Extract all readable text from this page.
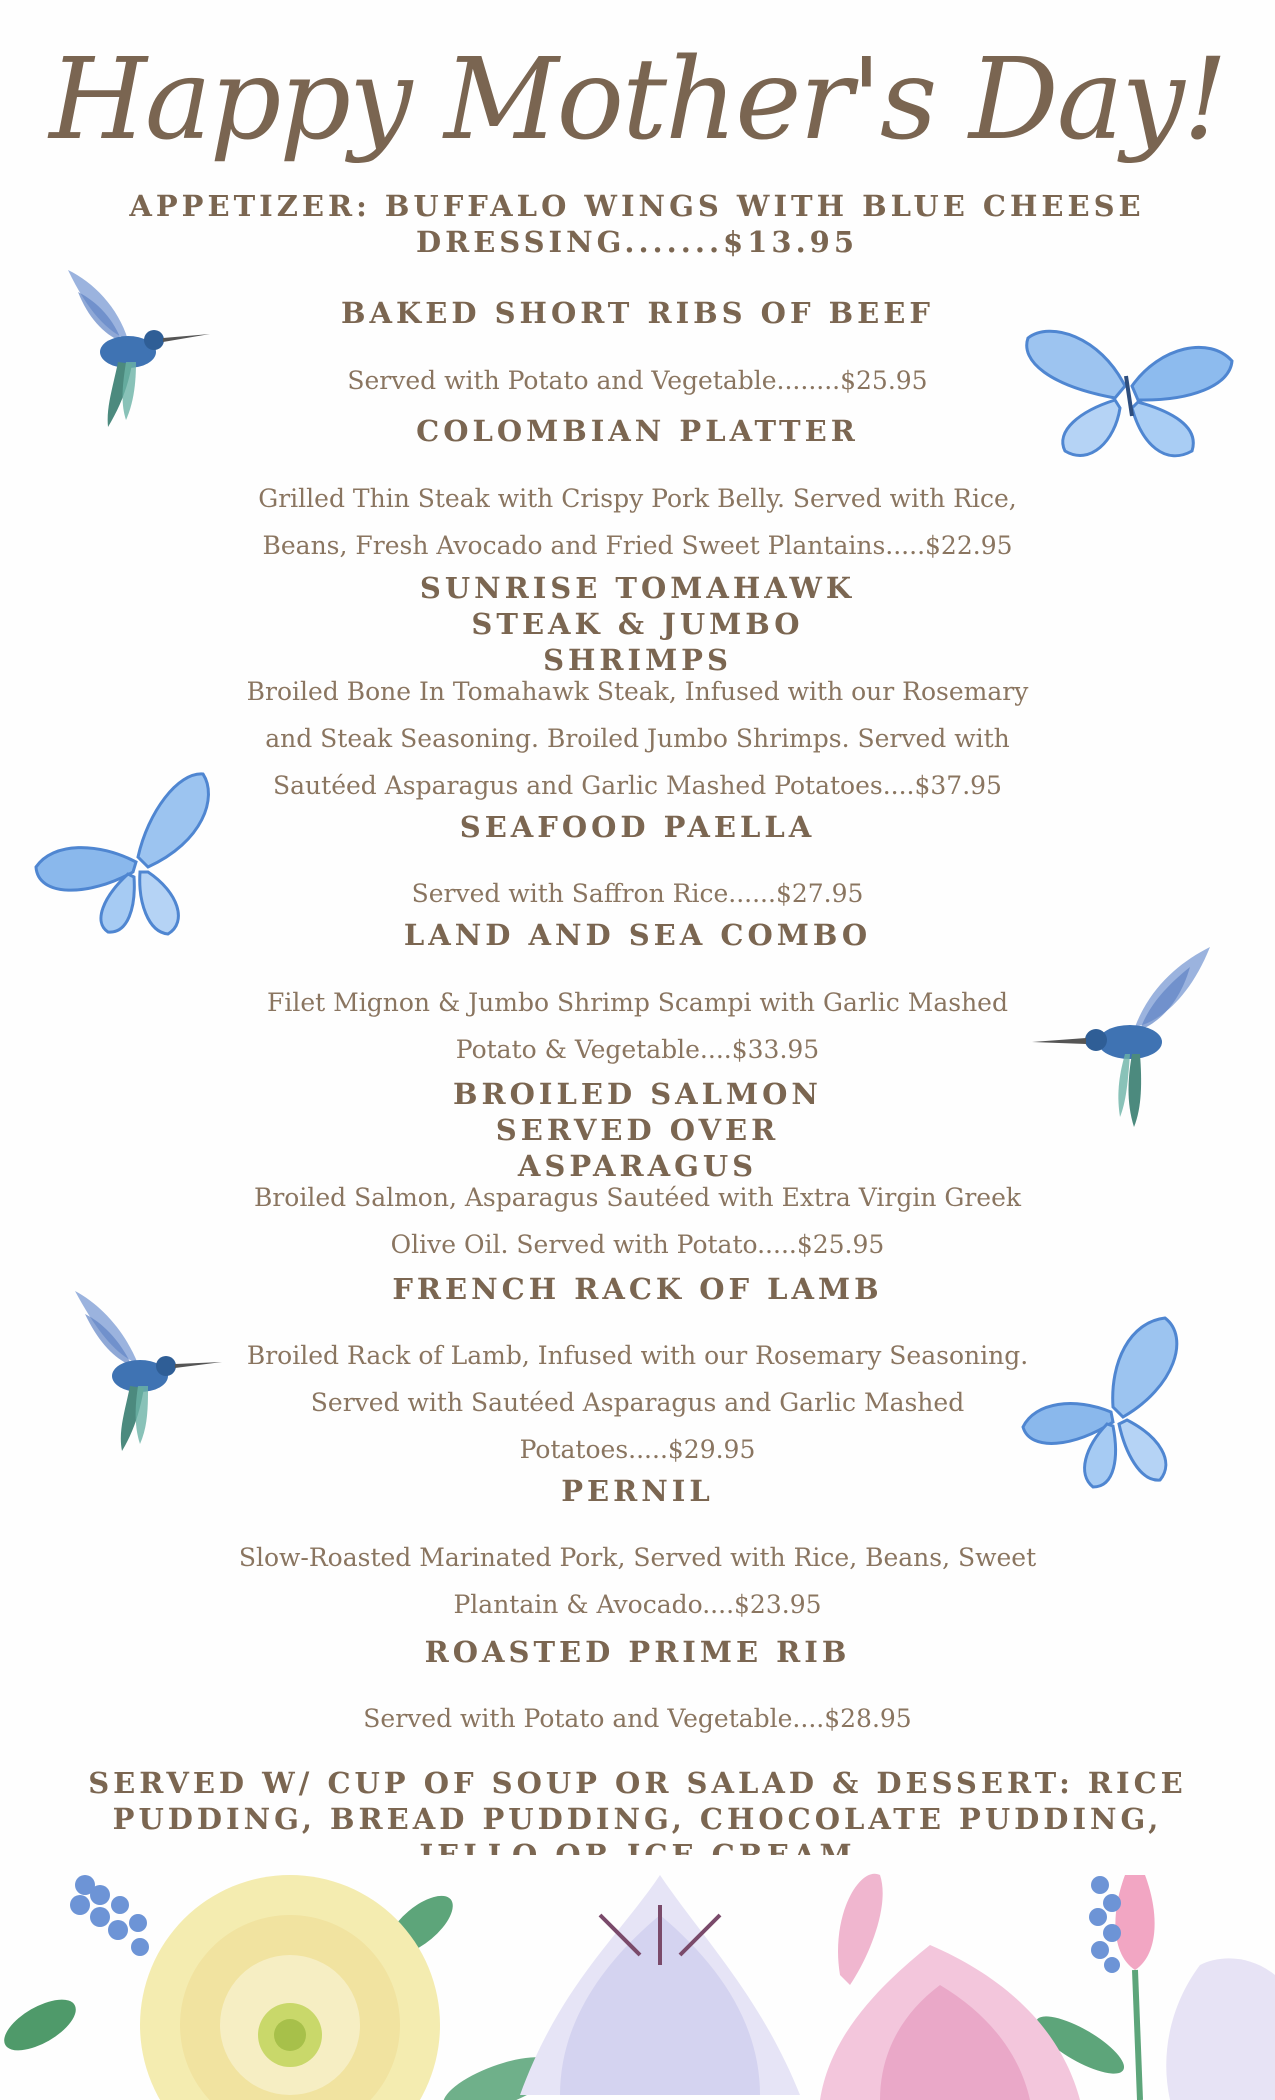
Happy Mother's Day!
APPETIZER: BUFFALO WINGS WITH BLUE CHEESE DRESSING.......$13.95
BAKED SHORT RIBS OF BEEF
Served with Potato and Vegetable........$25.95
COLOMBIAN PLATTER
Grilled Thin Steak with Crispy Pork Belly. Served with Rice, Beans, Fresh Avocado and Fried Sweet Plantains.....$22.95
SUNRISE TOMAHAWK STEAK & JUMBO SHRIMPS
Broiled Bone In Tomahawk Steak, Infused with our Rosemary and Steak Seasoning. Broiled Jumbo Shrimps. Served with Sautéed Asparagus and Garlic Mashed Potatoes....$37.95
SEAFOOD PAELLA
Served with Saffron Rice......$27.95
LAND AND SEA COMBO
Filet Mignon & Jumbo Shrimp Scampi with Garlic Mashed Potato & Vegetable....$33.95
BROILED SALMON SERVED OVER ASPARAGUS
Broiled Salmon, Asparagus Sautéed with Extra Virgin Greek Olive Oil. Served with Potato.....$25.95
FRENCH RACK OF LAMB
Broiled Rack of Lamb, Infused with our Rosemary Seasoning. Served with Sautéed Asparagus and Garlic Mashed Potatoes.....$29.95
PERNIL
Slow-Roasted Marinated Pork, Served with Rice, Beans, Sweet Plantain & Avocado....$23.95
ROASTED PRIME RIB
Served with Potato and Vegetable....$28.95
SERVED W/ CUP OF SOUP OR SALAD & DESSERT: RICE PUDDING, BREAD PUDDING, CHOCOLATE PUDDING,
